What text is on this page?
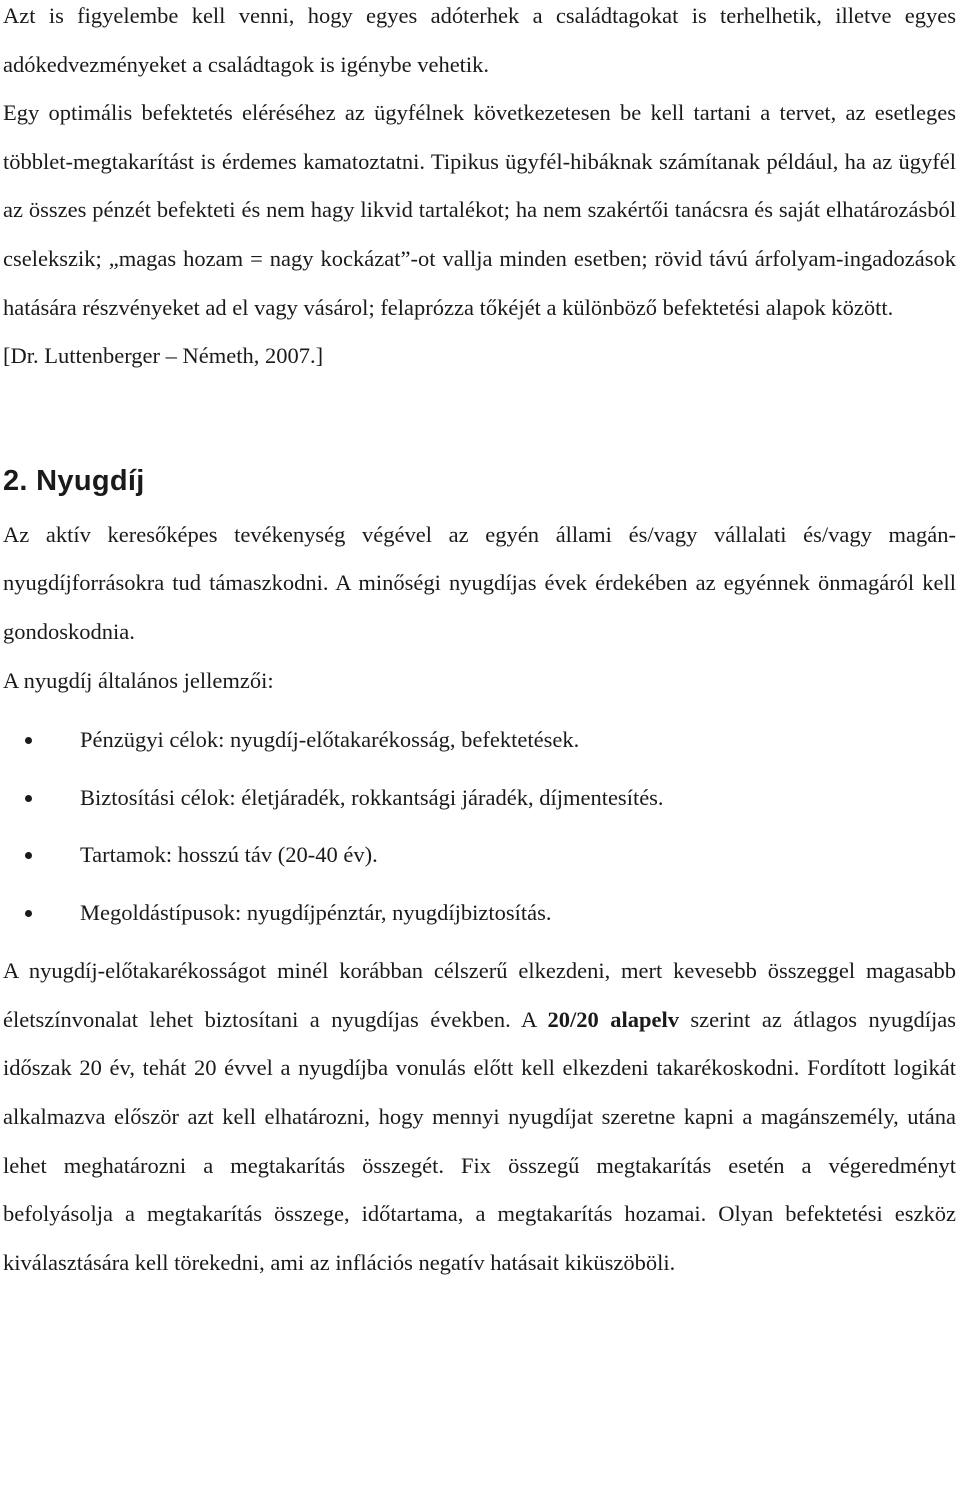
Azt is figyelembe kell venni, hogy egyes adóterhek a családtagokat is terhelhetik, illetve egyes adókedvezményeket a családtagok is igénybe vehetik.

Egy optimális befektetés eléréséhez az ügyfélnek következetesen be kell tartani a tervet, az esetleges többlet-megtakarítást is érdemes kamatoztatni. Tipikus ügyfél-hibáknak számítanak például, ha az ügyfél az összes pénzét befekteti és nem hagy likvid tartalékot; ha nem szakértői tanácsra és saját elhatározásból cselekszik; „magas hozam = nagy kockázat”-ot vallja minden esetben; rövid távú árfolyam-ingadozások hatására részvényeket ad el vagy vásárol; felaprózza tőkéjét a különböző befektetési alapok között.

[Dr. Luttenberger – Németh, 2007.]

2. Nyugdíj

Az aktív keresőképes tevékenység végével az egyén állami és/vagy vállalati és/vagy magán-nyugdíjforrásokra tud támaszkodni. A minőségi nyugdíjas évek érdekében az egyénnek önmagáról kell gondoskodnia.

A nyugdíj általános jellemzői:

Pénzügyi célok: nyugdíj-előtakarékosság, befektetések.
Biztosítási célok: életjáradék, rokkantsági járadék, díjmentesítés.
Tartamok: hosszú táv (20-40 év).
Megoldástípusok: nyugdíjpénztár, nyugdíjbiztosítás.

A nyugdíj-előtakarékosságot minél korábban célszerű elkezdeni, mert kevesebb összeggel magasabb életszínvonalat lehet biztosítani a nyugdíjas években. A 20/20 alapelv szerint az átlagos nyugdíjas időszak 20 év, tehát 20 évvel a nyugdíjba vonulás előtt kell elkezdeni takarékoskodni. Fordított logikát alkalmazva először azt kell elhatározni, hogy mennyi nyugdíjat szeretne kapni a magánszemély, utána lehet meghatározni a megtakarítás összegét. Fix összegű megtakarítás esetén a végeredményt befolyásolja a megtakarítás összege, időtartama, a megtakarítás hozamai. Olyan befektetési eszköz kiválasztására kell törekedni, ami az inflációs negatív hatásait kiküszöböli.
